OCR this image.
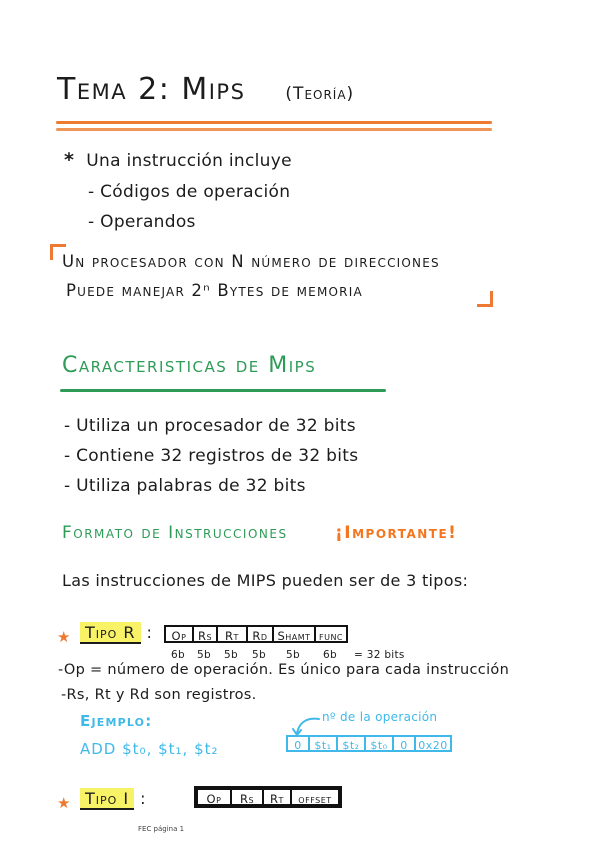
Tema 2: Mips (Teoría)
* Una instrucción incluye
- Códigos de operación
- Operandos
Un procesador con N número de direcciones
Puede manejar 2ⁿ Bytes de memoria
Caracteristicas de Mips
- Utiliza un procesador de 32 bits
- Contiene 32 registros de 32 bits
- Utiliza palabras de 32 bits
Formato de Instrucciones	¡Importante!
Las instrucciones de MIPS pueden ser de 3 tipos:
★ Tipo R :	Op	Rs	Rt	Rd Shamt func
6b	5b	5b	5b	5b	6b	= 32 bits
-Op = número de operación. Es único para cada instrucción
-Rs, Rt y Rd son registros.
Ejemplo:
ADD $t₀, $t₁, $t₂
nº de la operación
0	$t₁ $t₂ $t₀	0 0x20
★ Tipo I :	Op	Rs	Rt	offset
FEC página 1
